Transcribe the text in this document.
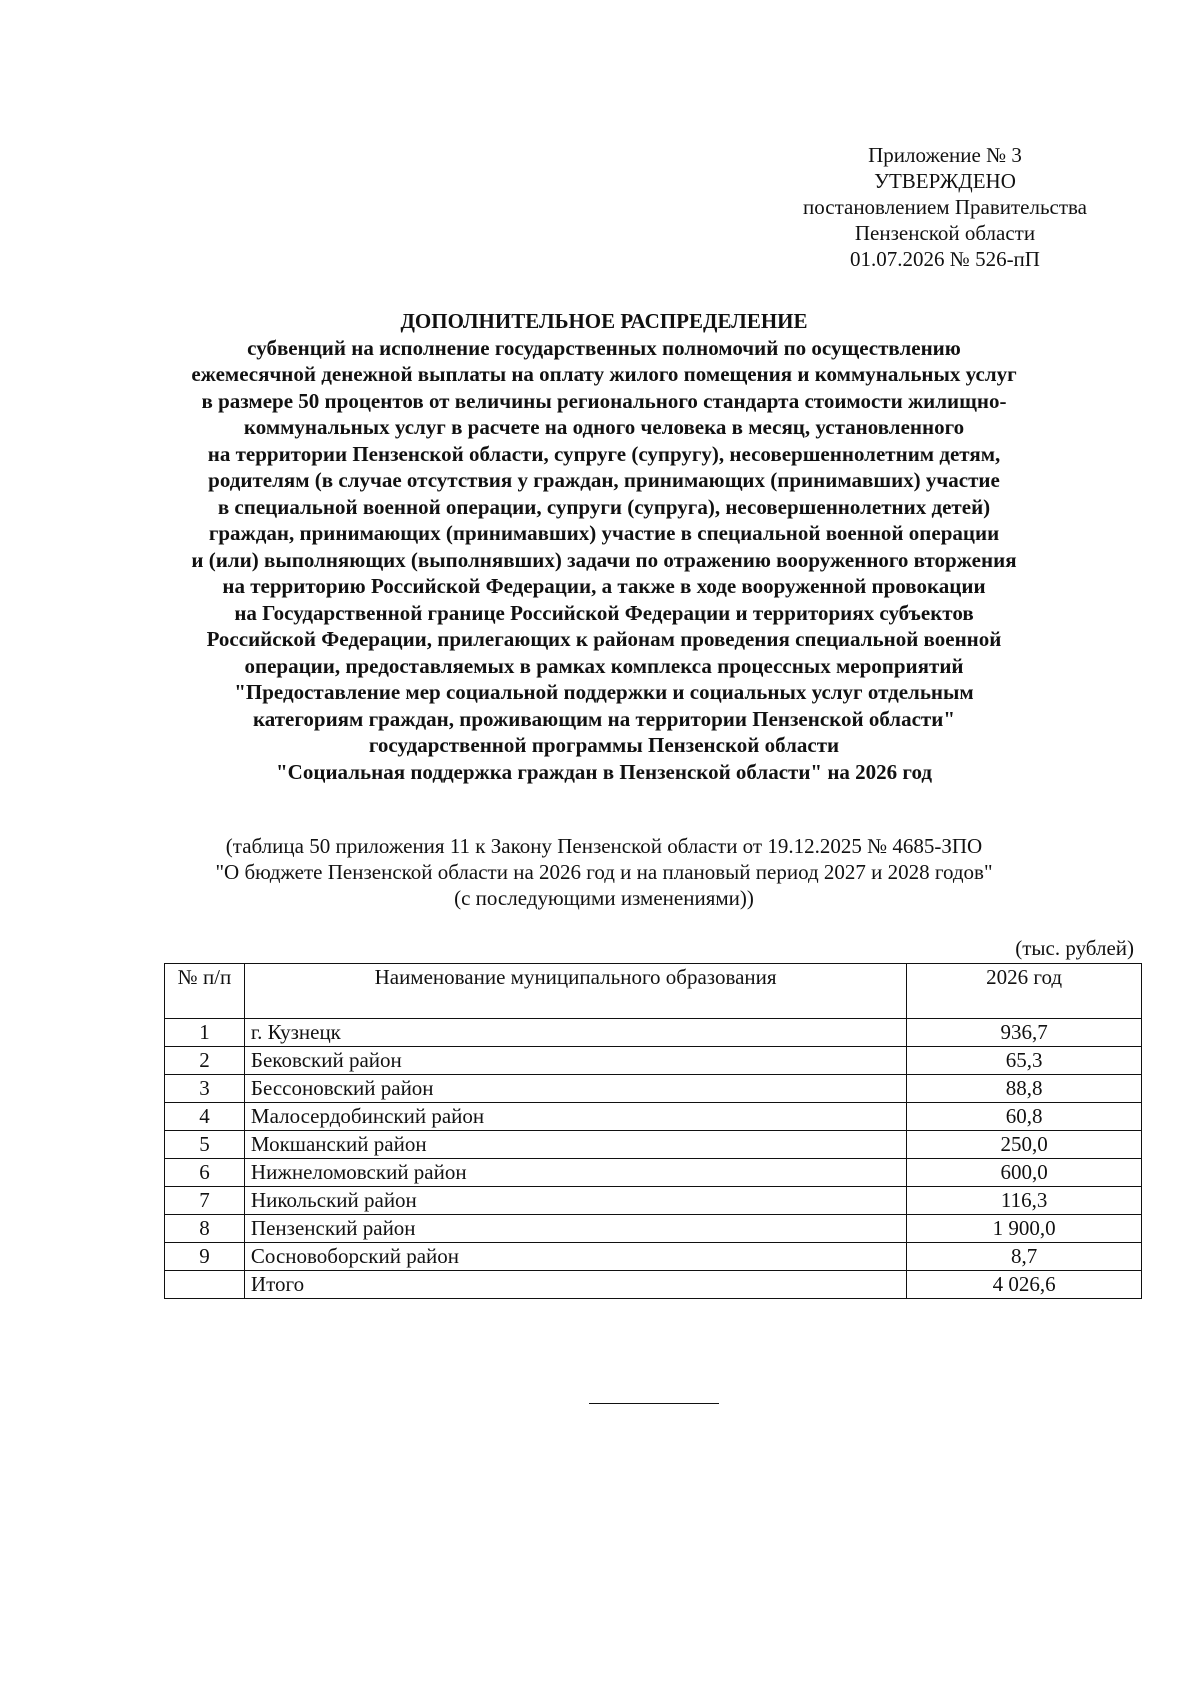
Приложение № 3
УТВЕРЖДЕНО
постановлением Правительства
Пензенской области
01.07.2026 № 526-пП
ДОПОЛНИТЕЛЬНОЕ РАСПРЕДЕЛЕНИЕ
субвенций на исполнение государственных полномочий по осуществлению
ежемесячной денежной выплаты на оплату жилого помещения и коммунальных услуг
в размере 50 процентов от величины регионального стандарта стоимости жилищно-
коммунальных услуг в расчете на одного человека в месяц, установленного
на территории Пензенской области, супруге (супругу), несовершеннолетним детям,
родителям (в случае отсутствия у граждан, принимающих (принимавших) участие
в специальной военной операции, супруги (супруга), несовершеннолетних детей)
граждан, принимающих (принимавших) участие в специальной военной операции
и (или) выполняющих (выполнявших) задачи по отражению вооруженного вторжения
на территорию Российской Федерации, а также в ходе вооруженной провокации
на Государственной границе Российской Федерации и территориях субъектов
Российской Федерации, прилегающих к районам проведения специальной военной
операции, предоставляемых в рамках комплекса процессных мероприятий
"Предоставление мер социальной поддержки и социальных услуг отдельным
категориям граждан, проживающим на территории Пензенской области"
государственной программы Пензенской области
"Социальная поддержка граждан в Пензенской области" на 2026 год
(таблица 50 приложения 11 к Закону Пензенской области от 19.12.2025 № 4685-ЗПО
"О бюджете Пензенской области на 2026 год и на плановый период 2027 и 2028 годов"
(с последующими изменениями))
(тыс. рублей)
№ п/п	Наименование муниципального образования	2026 год
1	г. Кузнецк	936,7
2	Бековский район	65,3
3	Бессоновский район	88,8
4	Малосердобинский район	60,8
5	Мокшанский район	250,0
6	Нижнеломовский район	600,0
7	Никольский район	116,3
8	Пензенский район	1 900,0
9	Сосновоборский район	8,7
	Итого	4 026,6
